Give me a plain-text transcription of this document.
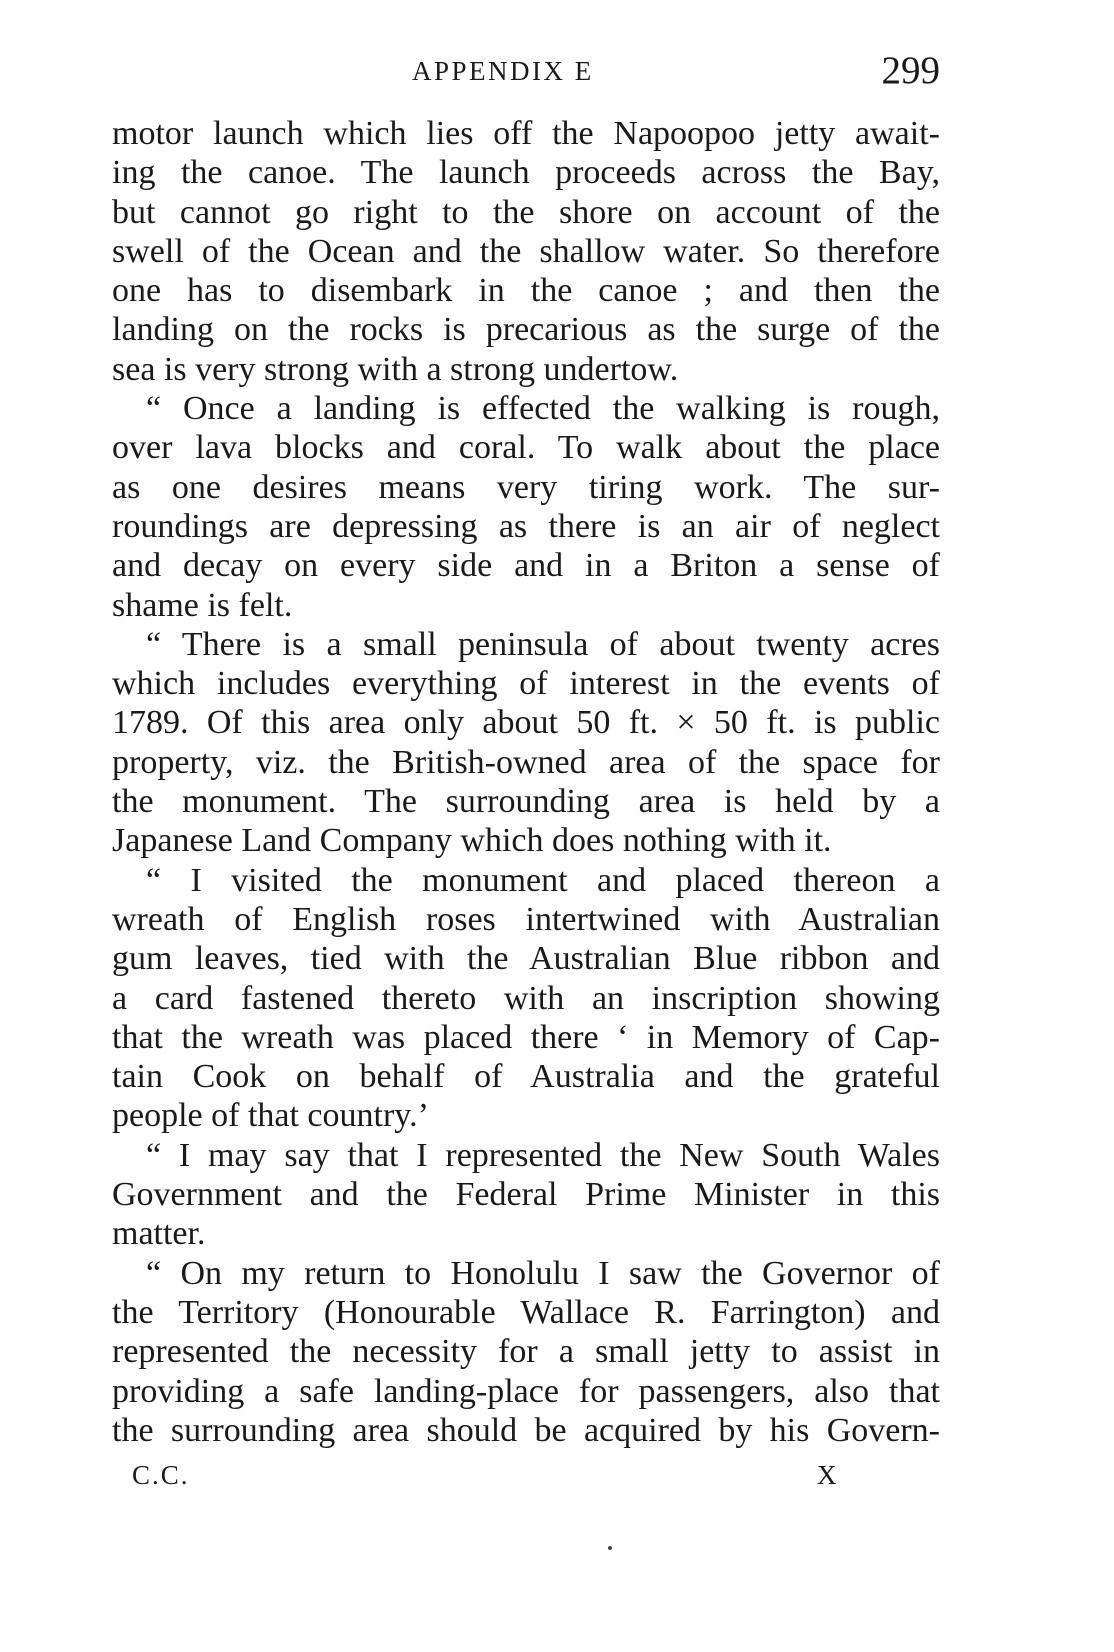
APPENDIX E	299
motor launch which lies off the Napoopoo jetty await-
ing the canoe. The launch proceeds across the Bay,
but cannot go right to the shore on account of the
swell of the Ocean and the shallow water. So therefore
one has to disembark in the canoe ; and then the
landing on the rocks is precarious as the surge of the
sea is very strong with a strong undertow.
“ Once a landing is effected the walking is rough,
over lava blocks and coral. To walk about the place
as one desires means very tiring work. The sur-
roundings are depressing as there is an air of neglect
and decay on every side and in a Briton a sense of
shame is felt.
“ There is a small peninsula of about twenty acres
which includes everything of interest in the events of
1789. Of this area only about 50 ft. × 50 ft. is public
property, viz. the British-owned area of the space for
the monument. The surrounding area is held by a
Japanese Land Company which does nothing with it.
“ I visited the monument and placed thereon a
wreath of English roses intertwined with Australian
gum leaves, tied with the Australian Blue ribbon and
a card fastened thereto with an inscription showing
that the wreath was placed there ‘ in Memory of Cap-
tain Cook on behalf of Australia and the grateful
people of that country.’
“ I may say that I represented the New South Wales
Government and the Federal Prime Minister in this
matter.
“ On my return to Honolulu I saw the Governor of
the Territory (Honourable Wallace R. Farrington) and
represented the necessity for a small jetty to assist in
providing a safe landing-place for passengers, also that
the surrounding area should be acquired by his Govern-
C.C.	X
